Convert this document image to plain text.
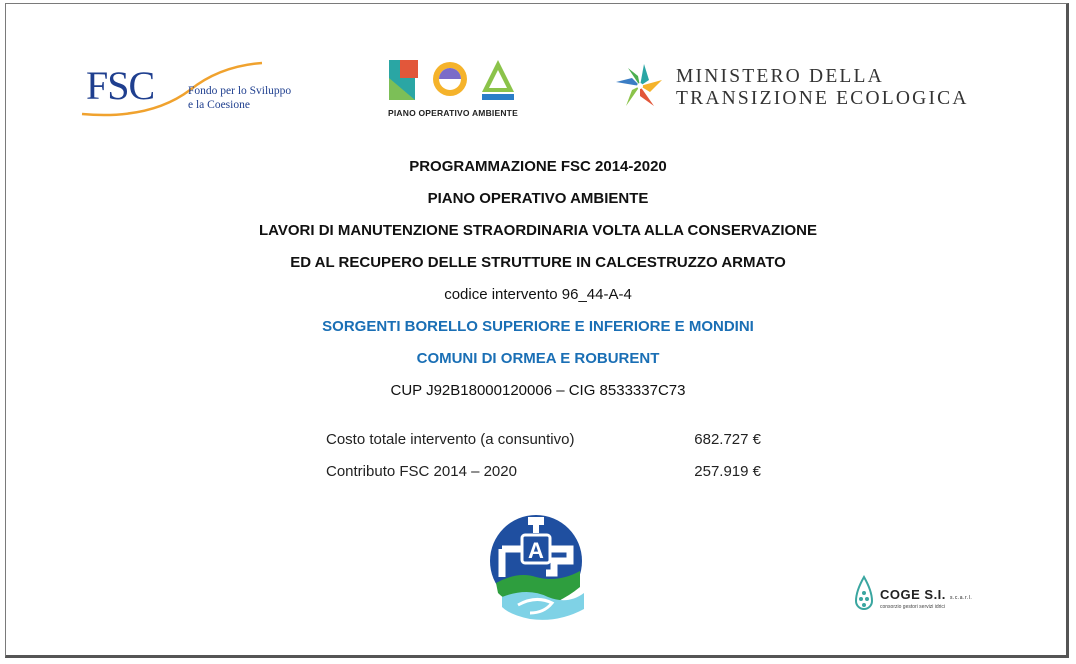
FSC	Fondo per lo Sviluppo
e la Coesione
PIANO OPERATIVO AMBIENTE
MINISTERO DELLA
TRANSIZIONE ECOLOGICA
PROGRAMMAZIONE FSC 2014-2020
PIANO OPERATIVO AMBIENTE
LAVORI DI MANUTENZIONE STRAORDINARIA VOLTA ALLA CONSERVAZIONE
ED AL RECUPERO DELLE STRUTTURE IN CALCESTRUZZO ARMATO
codice intervento 96_44-A-4
SORGENTI BORELLO SUPERIORE E INFERIORE E MONDINI
COMUNI DI ORMEA E ROBURENT
CUP J92B18000120006 – CIG 8533337C73
Costo totale intervento (a consuntivo)	682.727 €
Contributo FSC 2014 – 2020	257.919 €
A
COGE S.I. s.c.a.r.l.
consorzio gestori servizi idrici
